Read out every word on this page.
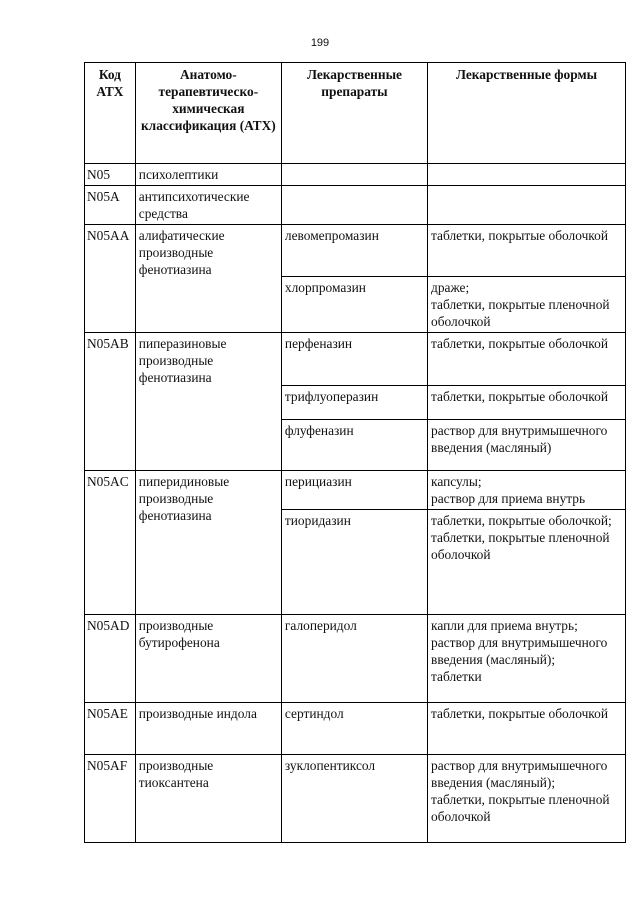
199
Код АТХ	Анатомо-терапевтическо-химическая классификация (АТХ)	Лекарственные препараты	Лекарственные формы
N05	психолептики		
N05A	антипсихотические средства		
N05AA	алифатические производные фенотиазина	левомепромазин	таблетки, покрытые оболочкой
		хлорпромазин	драже;
таблетки, покрытые пленочной оболочкой
N05AB	пиперазиновые производные фенотиазина	перфеназин	таблетки, покрытые оболочкой
		трифлуоперазин	таблетки, покрытые оболочкой
		флуфеназин	раствор для внутримышечного введения (масляный)
N05AC	пиперидиновые производные фенотиазина	перициазин	капсулы;
раствор для приема внутрь
		тиоридазин	таблетки, покрытые оболочкой;
таблетки, покрытые пленочной оболочкой
N05AD	производные бутирофенона	галоперидол	капли для приема внутрь;
раствор для внутримышечного введения (масляный);
таблетки
N05AE	производные индола	сертиндол	таблетки, покрытые оболочкой
N05AF	производные тиоксантена	зуклопентиксол	раствор для внутримышечного введения (масляный);
таблетки, покрытые пленочной оболочкой
